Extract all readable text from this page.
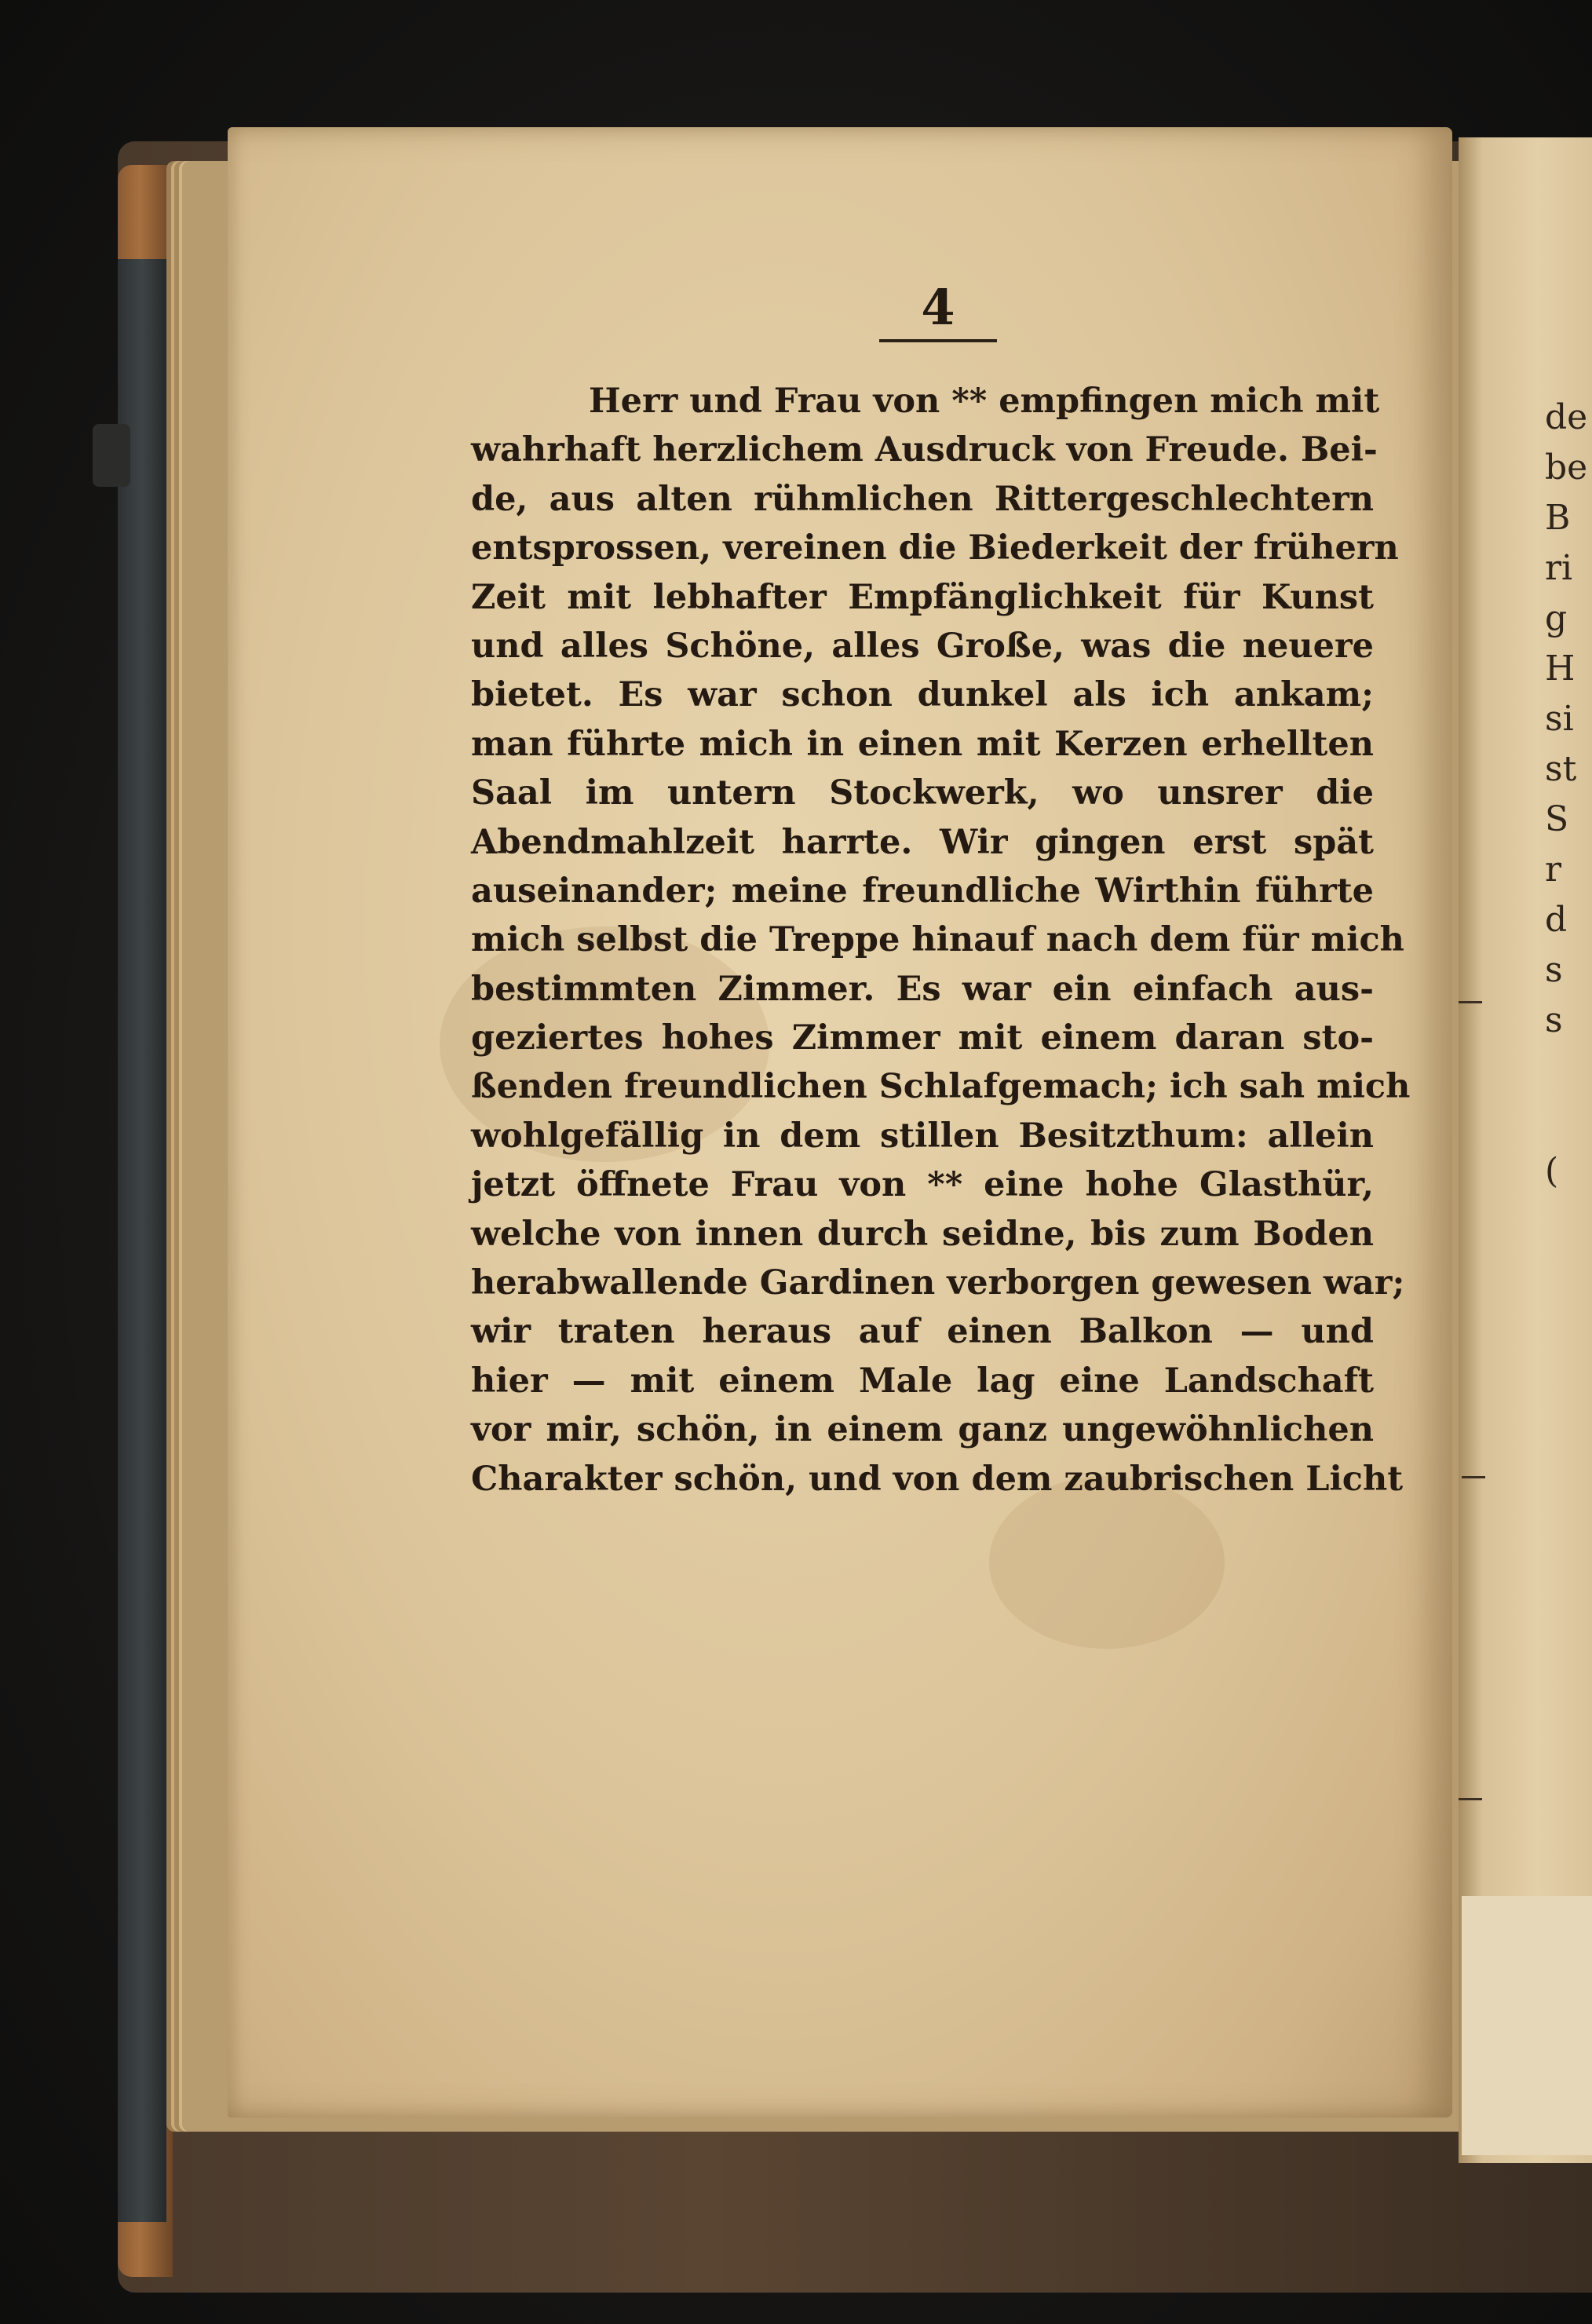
de
be
B
ri
g
H
si
st
S
r
d
s
s
(
4
Herr und Frau von ** empfingen mich mit
wahrhaft herzlichem Ausdruck von Freude. Bei-
de, aus alten rühmlichen Rittergeschlechtern
entsprossen, vereinen die Biederkeit der frühern
Zeit mit lebhafter Empfänglichkeit für Kunst
und alles Schöne, alles Große, was die neuere
bietet. Es war schon dunkel als ich ankam;
man führte mich in einen mit Kerzen erhellten
Saal im untern Stockwerk, wo unsrer die
Abendmahlzeit harrte. Wir gingen erst spät
auseinander; meine freundliche Wirthin führte
mich selbst die Treppe hinauf nach dem für mich
bestimmten Zimmer. Es war ein einfach aus-
geziertes hohes Zimmer mit einem daran sto-
ßenden freundlichen Schlafgemach; ich sah mich
wohlgefällig in dem stillen Besitzthum: allein
jetzt öffnete Frau von ** eine hohe Glasthür,
welche von innen durch seidne, bis zum Boden
herabwallende Gardinen verborgen gewesen war;
wir traten heraus auf einen Balkon — und
hier — mit einem Male lag eine Landschaft
vor mir, schön, in einem ganz ungewöhnlichen
Charakter schön, und von dem zaubrischen Licht
